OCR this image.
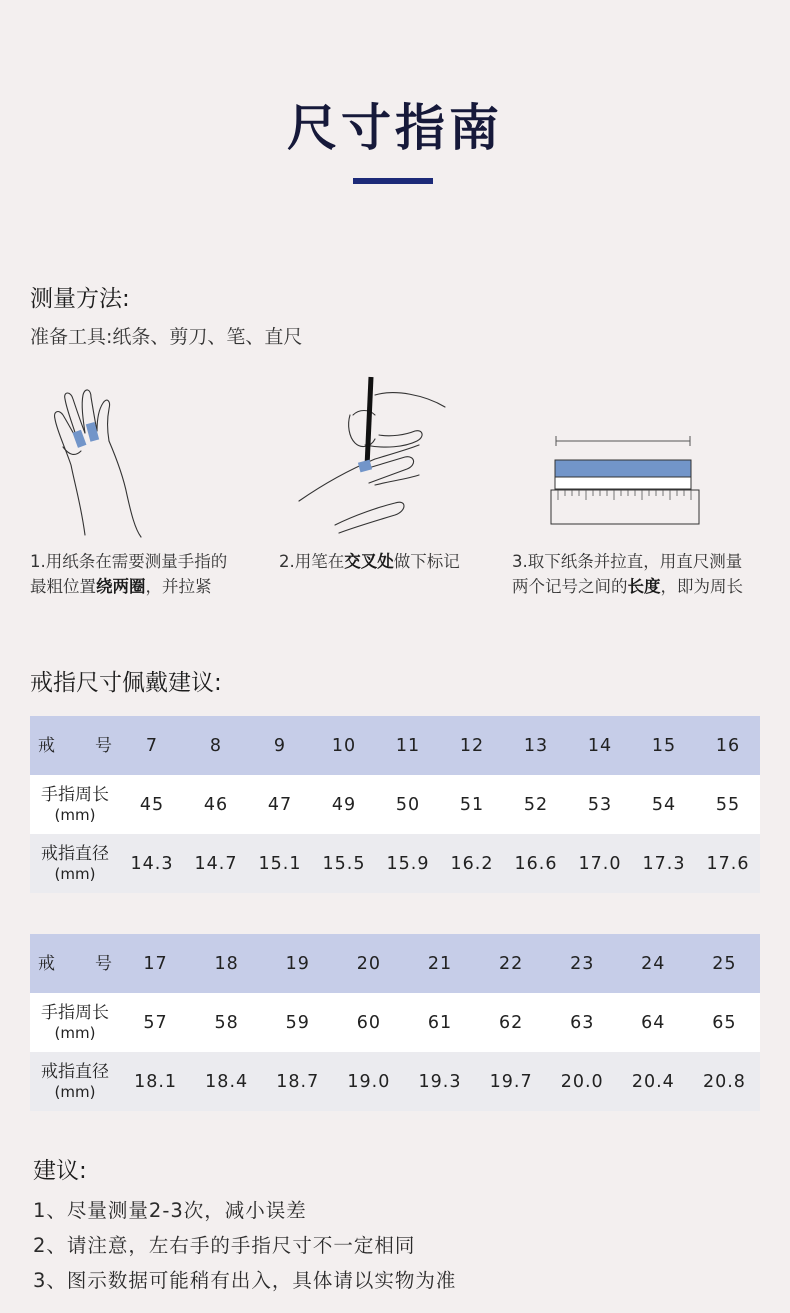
尺寸指南
测量方法:
准备工具:纸条、剪刀、笔、直尺
1.用纸条在需要测量手指的
最粗位置绕两圈，并拉紧
2.用笔在交叉处做下标记	3.取下纸条并拉直，用直尺测量
两个记号之间的长度，即为周长
戒指尺寸佩戴建议:
戒 号	7	8	9	10	11	12	13	14	15	16
手指周长
(mm)	45	46	47	49	50	51	52	53	54	55
戒指直径
(mm)	14.3	14.7	15.1	15.5	15.9	16.2	16.6	17.0	17.3	17.6
戒 号	17	18	19	20	21	22	23	24	25
手指周长
(mm)	57	58	59	60	61	62	63	64	65
戒指直径
(mm)	18.1	18.4	18.7	19.0	19.3	19.7	20.0	20.4	20.8
建议:
1、尽量测量2-3次，减小误差
2、请注意，左右手的手指尺寸不一定相同
3、图示数据可能稍有出入，具体请以实物为准
